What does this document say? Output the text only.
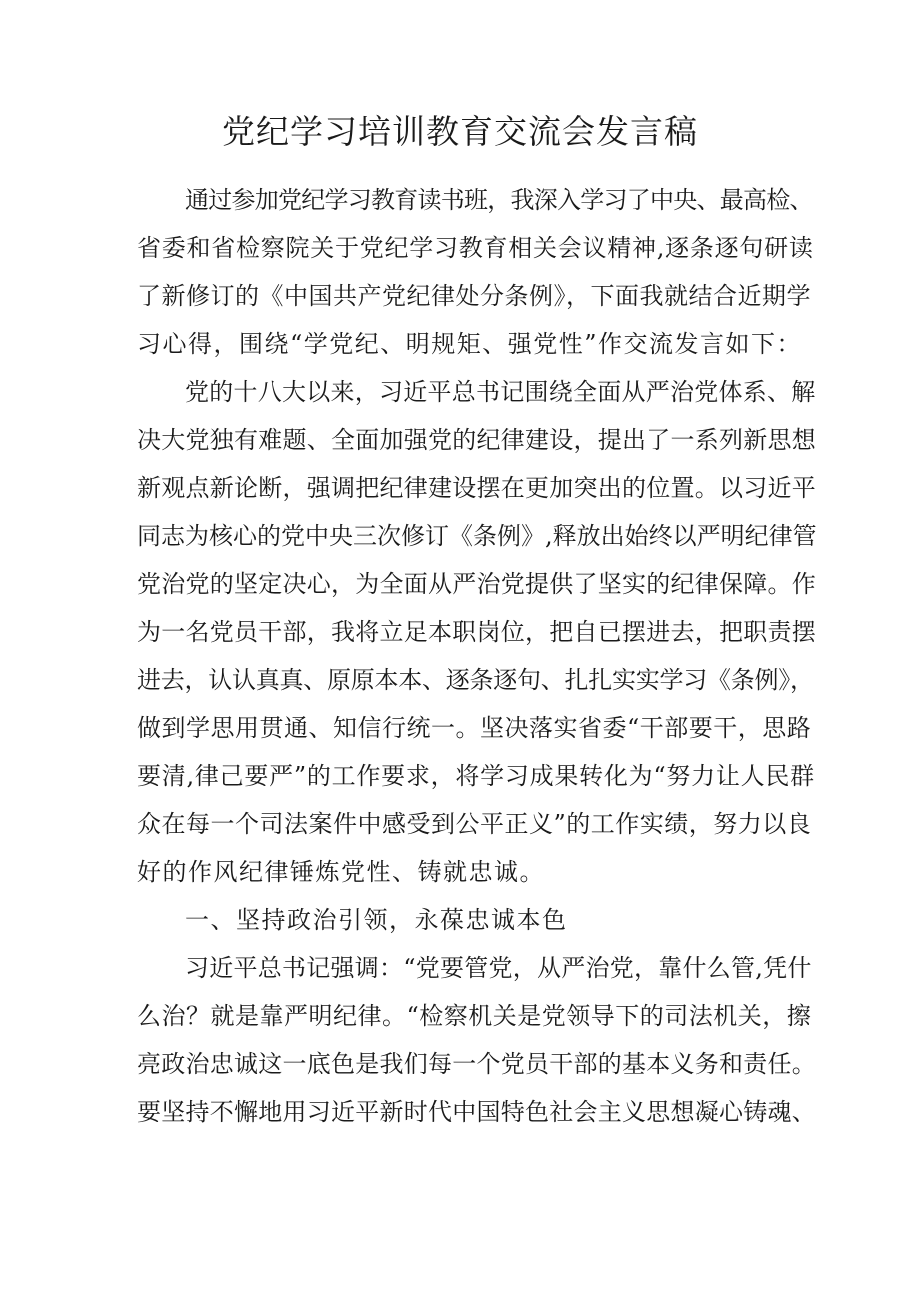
党纪学习培训教育交流会发言稿

通过参加党纪学习教育读书班，我深入学习了中央、最高检、

省委和省检察院关于党纪学习教育相关会议精神,逐条逐句研读

了新修订的《中国共产党纪律处分条例》，下面我就结合近期学

习心得，围绕“学党纪、明规矩、强党性”作交流发言如下：

党的十八大以来，习近平总书记围绕全面从严治党体系、解

决大党独有难题、全面加强党的纪律建设，提出了一系列新思想

新观点新论断，强调把纪律建设摆在更加突出的位置。以习近平

同志为核心的党中央三次修订《条例》,释放出始终以严明纪律管

党治党的坚定决心，为全面从严治党提供了坚实的纪律保障。作

为一名党员干部，我将立足本职岗位，把自已摆进去，把职责摆

进去，认认真真、原原本本、逐条逐句、扎扎实实学习《条例》，

做到学思用贯通、知信行统一。坚决落实省委“干部要干，思路

要清,律己要严”的工作要求，将学习成果转化为“努力让人民群

众在每一个司法案件中感受到公平正义”的工作实绩，努力以良

好的作风纪律锤炼党性、铸就忠诚。

一、坚持政治引领，永葆忠诚本色

习近平总书记强调：“党要管党，从严治党，靠什么管,凭什

么治？就是靠严明纪律。“检察机关是党领导下的司法机关，擦

亮政治忠诚这一底色是我们每一个党员干部的基本义务和责任。

要坚持不懈地用习近平新时代中国特色社会主义思想凝心铸魂、
